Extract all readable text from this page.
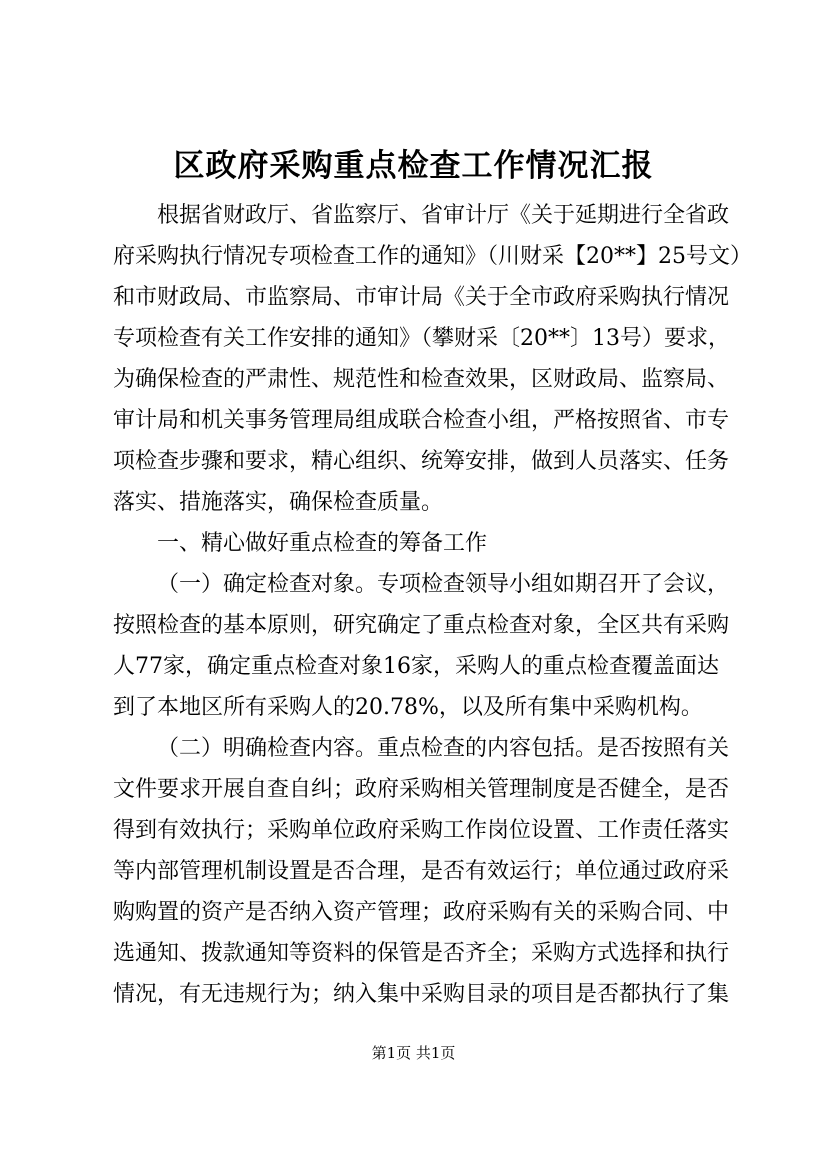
区政府采购重点检查工作情况汇报

根据省财政厅、省监察厅、省审计厅《关于延期进行全省政
府采购执行情况专项检查工作的通知》（川财采【20**】25号文）
和市财政局、市监察局、市审计局《关于全市政府采购执行情况
专项检查有关工作安排的通知》（攀财采〔20**〕13号）要求，
为确保检查的严肃性、规范性和检查效果，区财政局、监察局、
审计局和机关事务管理局组成联合检查小组，严格按照省、市专
项检查步骤和要求，精心组织、统筹安排，做到人员落实、任务
落实、措施落实，确保检查质量。

一、精心做好重点检查的筹备工作

（一）确定检查对象。专项检查领导小组如期召开了会议，
按照检查的基本原则，研究确定了重点检查对象，全区共有采购
人77家，确定重点检查对象16家，采购人的重点检查覆盖面达
到了本地区所有采购人的20.78%，以及所有集中采购机构。

（二）明确检查内容。重点检查的内容包括。是否按照有关
文件要求开展自查自纠；政府采购相关管理制度是否健全，是否
得到有效执行；采购单位政府采购工作岗位设置、工作责任落实
等内部管理机制设置是否合理，是否有效运行；单位通过政府采
购购置的资产是否纳入资产管理；政府采购有关的采购合同、中
选通知、拨款通知等资料的保管是否齐全；采购方式选择和执行
情况，有无违规行为；纳入集中采购目录的项目是否都执行了集

第1页 共1页
